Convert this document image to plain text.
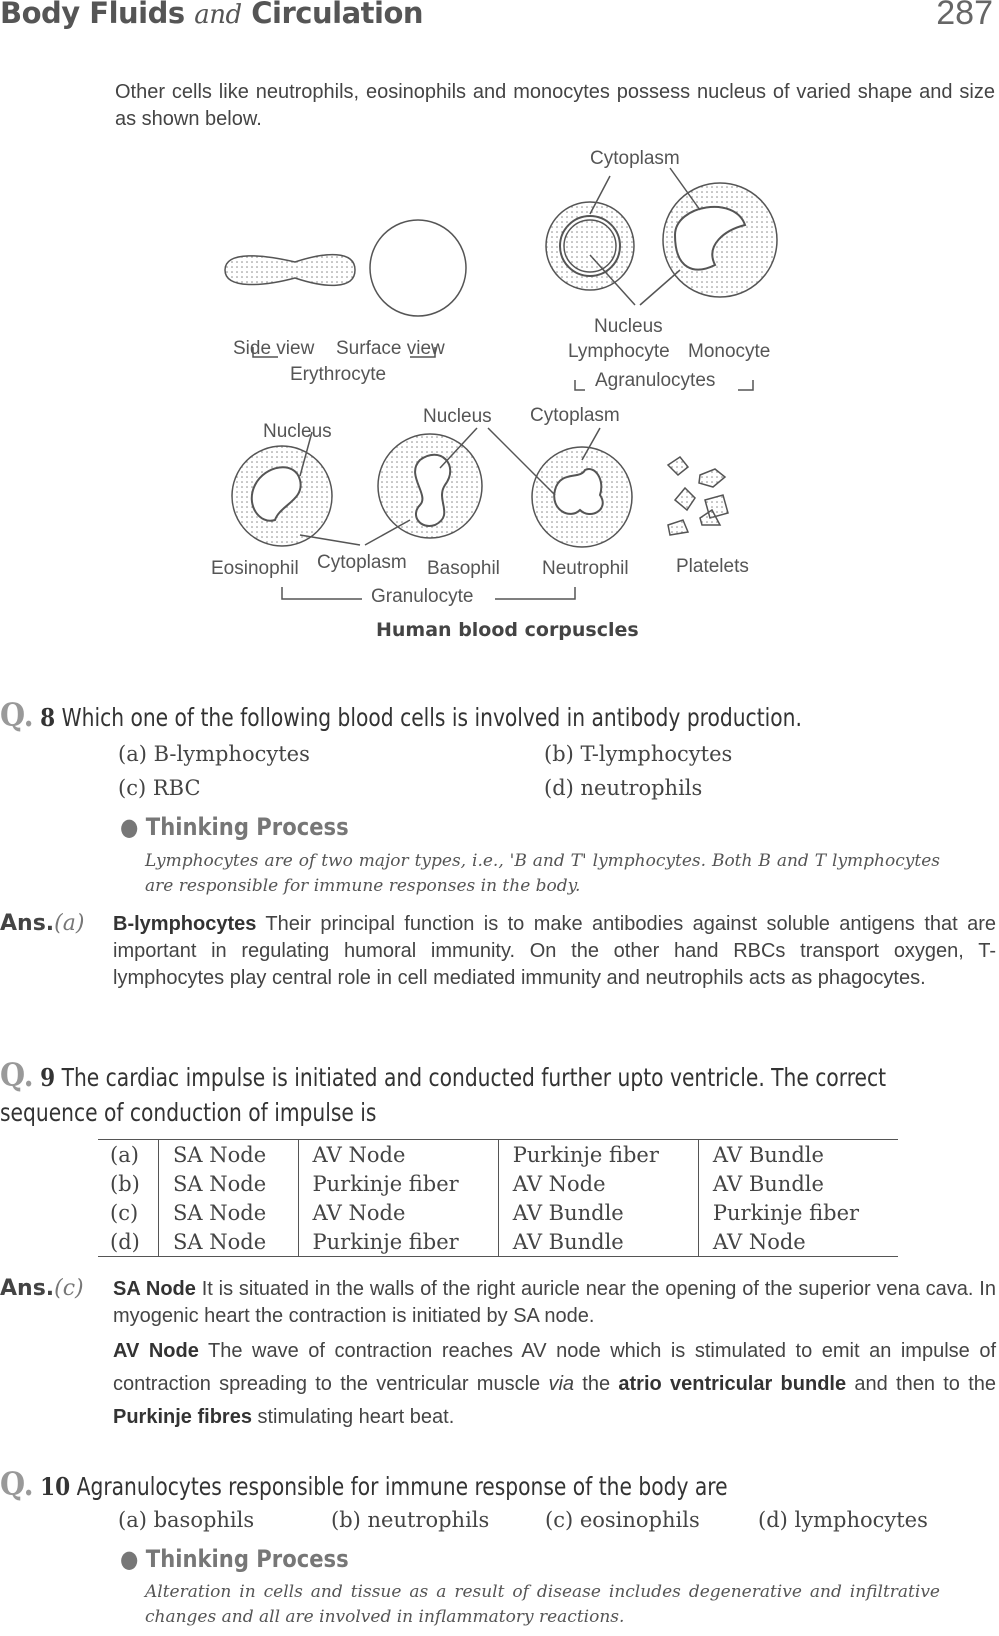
Body Fluids and Circulation	287
Other cells like neutrophils, eosinophils and monocytes possess nucleus of varied shape and size as shown below.
Cytoplasm
Side view Surface view
Erythrocyte
Nucleus
Lymphocyte Monocyte
Agranulocytes
Nucleus
Nucleus Cytoplasm
Eosinophil Cytoplasm Basophil Neutrophil Platelets
Granulocyte
Human blood corpuscles
Q. 8 Which one of the following blood cells is involved in antibody production.
(a) B-lymphocytes	(b) T-lymphocytes
(c) RBC	(d) neutrophils
● Thinking Process
Lymphocytes are of two major types, i.e., 'B and T' lymphocytes. Both B and T lymphocytes are responsible for immune responses in the body.
Ans.(a) B-lymphocytes Their principal function is to make antibodies against soluble antigens that are important in regulating humoral immunity. On the other hand RBCs transport oxygen, T-lymphocytes play central role in cell mediated immunity and neutrophils acts as phagocytes.
Q. 9 The cardiac impulse is initiated and conducted further upto ventricle. The correct sequence of conduction of impulse is
(a)	SA Node	AV Node	Purkinje fiber	AV Bundle
(b)	SA Node	Purkinje fiber	AV Node	AV Bundle
(c)	SA Node	AV Node	AV Bundle	Purkinje fiber
(d)	SA Node	Purkinje fiber	AV Bundle	AV Node
Ans.(c) SA Node It is situated in the walls of the right auricle near the opening of the superior vena cava. In myogenic heart the contraction is initiated by SA node.
AV Node The wave of contraction reaches AV node which is stimulated to emit an impulse of contraction spreading to the ventricular muscle via the atrio ventricular bundle and then to the Purkinje fibres stimulating heart beat.
Q. 10 Agranulocytes responsible for immune response of the body are
(a) basophils	(b) neutrophils	(c) eosinophils	(d) lymphocytes
● Thinking Process
Alteration in cells and tissue as a result of disease includes degenerative and infiltrative changes and all are involved in inflammatory reactions.
